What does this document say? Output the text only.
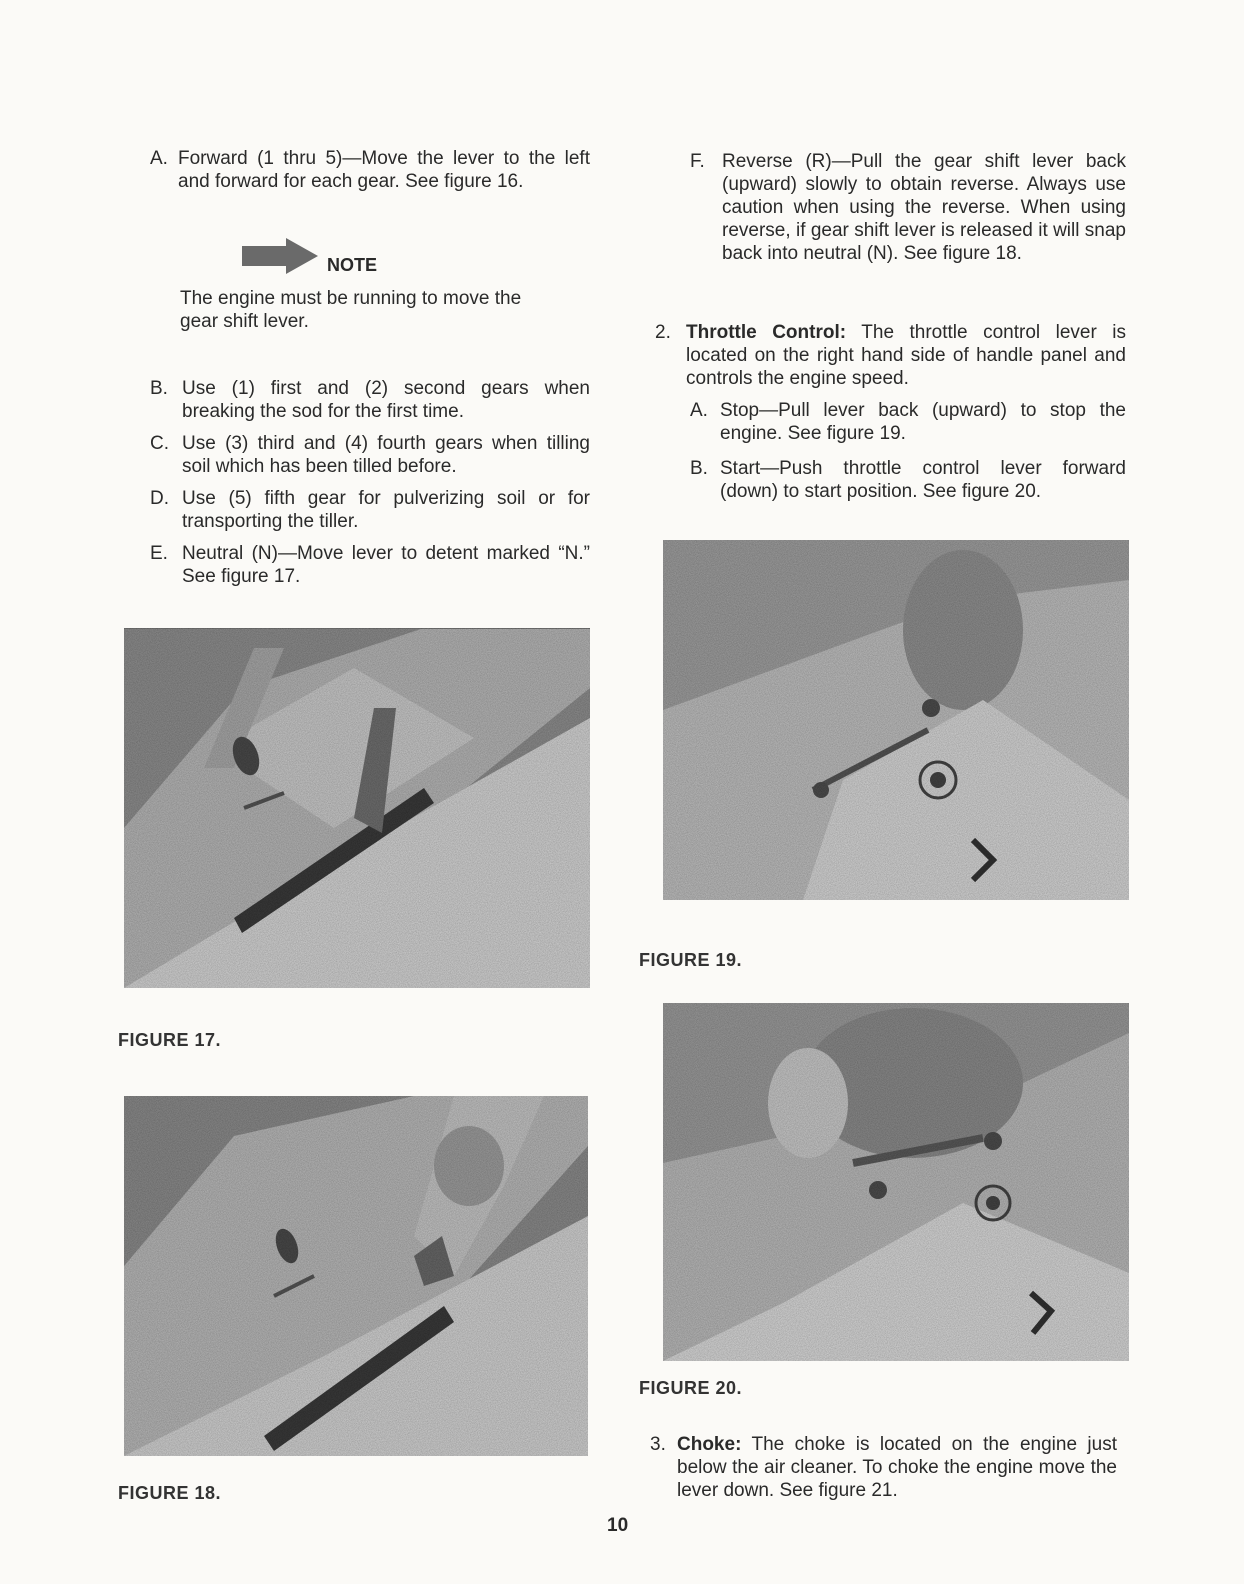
A. Forward (1 thru 5)—Move the lever to the left and forward for each gear. See figure 16.
NOTE
The engine must be running to move the gear shift lever.
B. Use (1) first and (2) second gears when breaking the sod for the first time.
C. Use (3) third and (4) fourth gears when tilling soil which has been tilled before.
D. Use (5) fifth gear for pulverizing soil or for transporting the tiller.
E. Neutral (N)—Move lever to detent marked “N.” See figure 17.
FIGURE 17.
FIGURE 18.
F. Reverse (R)—Pull the gear shift lever back (upward) slowly to obtain reverse. Always use caution when using the reverse. When using reverse, if gear shift lever is released it will snap back into neutral (N). See figure 18.
2. Throttle Control: The throttle control lever is located on the right hand side of handle panel and controls the engine speed.
A. Stop—Pull lever back (upward) to stop the engine. See figure 19.
B. Start—Push throttle control lever forward (down) to start position. See figure 20.
FIGURE 19.
FIGURE 20.
3. Choke: The choke is located on the engine just below the air cleaner. To choke the engine move the lever down. See figure 21.
10
